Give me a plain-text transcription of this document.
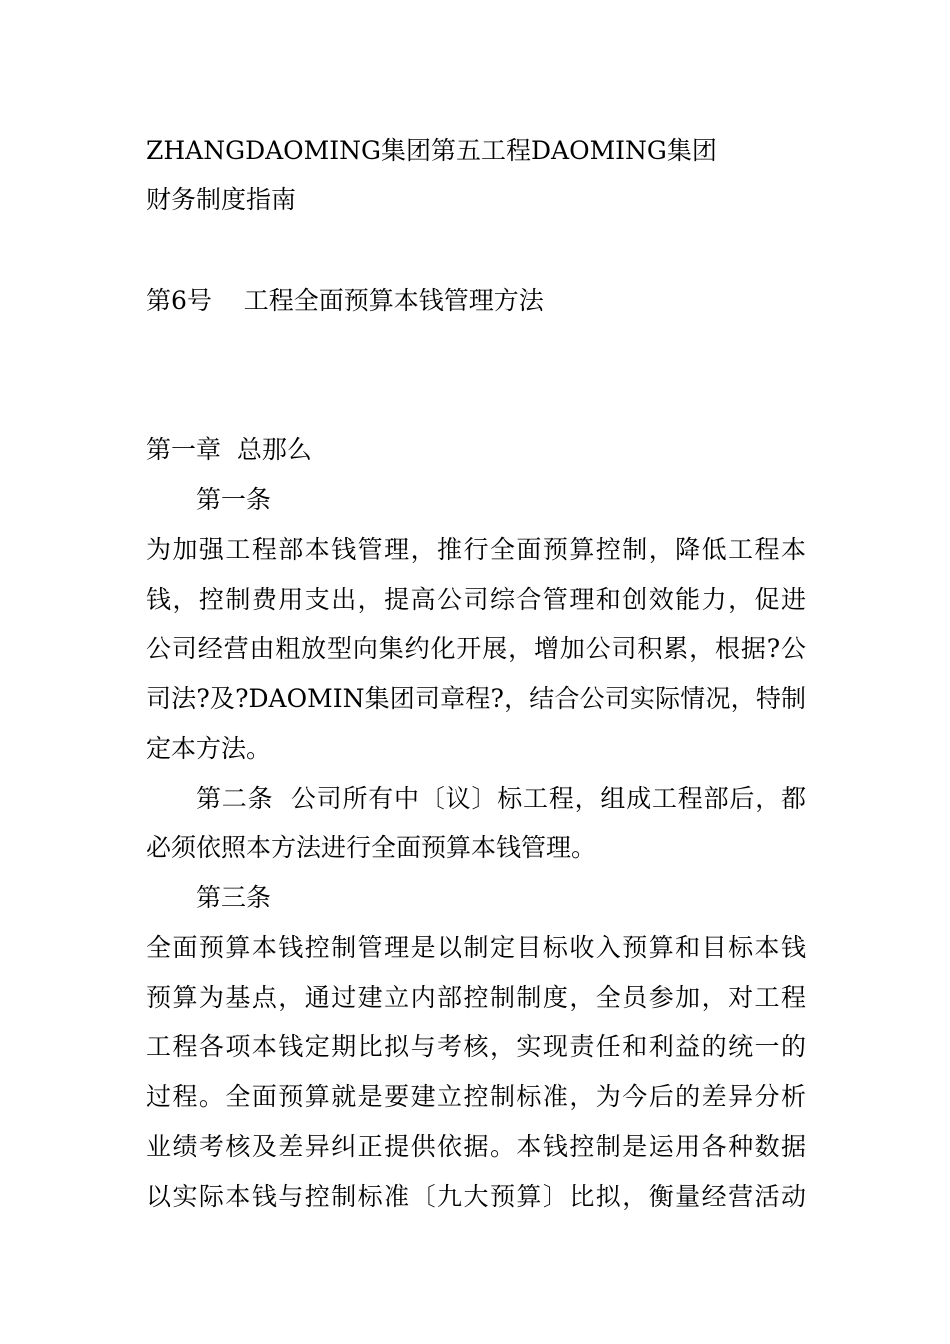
ZHANGDAOMING集团第五工程DAOMING集团
财务制度指南
第6号    工程全面预算本钱管理方法
第一章  总那么
第一条
为加强工程部本钱管理，推行全面预算控制，降低工程本
钱，控制费用支出，提高公司综合管理和创效能力，促进
公司经营由粗放型向集约化开展，增加公司积累，根据?公
司法?及?DAOMIN集团司章程?，结合公司实际情况，特制
定本方法。
第二条  公司所有中〔议〕标工程，组成工程部后，都
必须依照本方法进行全面预算本钱管理。
第三条
全面预算本钱控制管理是以制定目标收入预算和目标本钱
预算为基点，通过建立内部控制制度，全员参加，对工程
工程各项本钱定期比拟与考核，实现责任和利益的统一的
过程。全面预算就是要建立控制标准，为今后的差异分析
业绩考核及差异纠正提供依据。本钱控制是运用各种数据
以实际本钱与控制标准〔九大预算〕比拟，衡量经营活动
